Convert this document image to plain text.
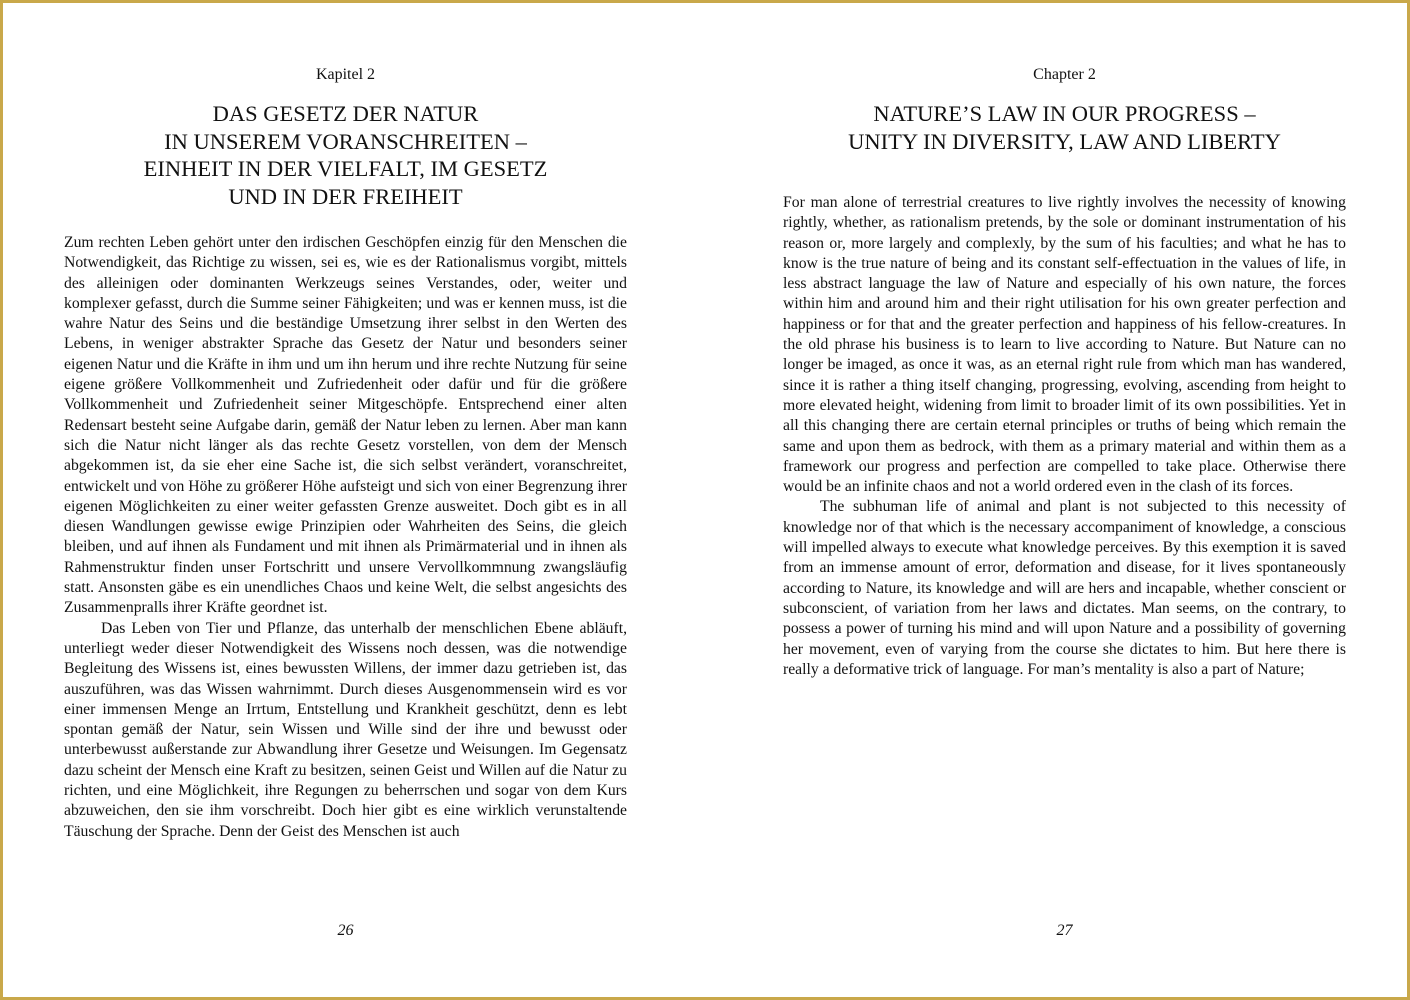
Kapitel 2
DAS GESETZ DER NATUR
IN UNSEREM VORANSCHREITEN –
EINHEIT IN DER VIELFALT, IM GESETZ
UND IN DER FREIHEIT

Zum rechten Leben gehört unter den irdischen Geschöpfen einzig für den Menschen die Notwendigkeit, das Richtige zu wissen, sei es, wie es der Rationalismus vorgibt, mittels des alleinigen oder dominanten Werkzeugs seines Verstandes, oder, weiter und komplexer gefasst, durch die Summe seiner Fähigkeiten; und was er kennen muss, ist die wahre Natur des Seins und die beständige Umsetzung ihrer selbst in den Werten des Lebens, in weniger abstrakter Sprache das Gesetz der Natur und besonders seiner eigenen Natur und die Kräfte in ihm und um ihn herum und ihre rechte Nutzung für seine eigene größere Vollkommenheit und Zufriedenheit oder dafür und für die größere Vollkommenheit und Zufriedenheit seiner Mitgeschöpfe. Entsprechend einer alten Redensart besteht seine Aufgabe darin, gemäß der Natur leben zu lernen. Aber man kann sich die Natur nicht länger als das rechte Gesetz vorstellen, von dem der Mensch abgekommen ist, da sie eher eine Sache ist, die sich selbst verändert, voranschreitet, entwickelt und von Höhe zu größerer Höhe aufsteigt und sich von einer Begrenzung ihrer eigenen Möglichkeiten zu einer weiter gefassten Grenze ausweitet. Doch gibt es in all diesen Wandlungen gewisse ewige Prinzipien oder Wahrheiten des Seins, die gleich bleiben, und auf ihnen als Fundament und mit ihnen als Primärmaterial und in ihnen als Rahmenstruktur finden unser Fortschritt und unsere Vervollkommnung zwangsläufig statt. Ansonsten gäbe es ein unendliches Chaos und keine Welt, die selbst angesichts des Zusammenpralls ihrer Kräfte geordnet ist.

Das Leben von Tier und Pflanze, das unterhalb der menschlichen Ebene abläuft, unterliegt weder dieser Notwendigkeit des Wissens noch dessen, was die notwendige Begleitung des Wissens ist, eines bewussten Willens, der immer dazu getrieben ist, das auszuführen, was das Wissen wahrnimmt. Durch dieses Ausgenommensein wird es vor einer immensen Menge an Irrtum, Entstellung und Krankheit geschützt, denn es lebt spontan gemäß der Natur, sein Wissen und Wille sind der ihre und bewusst oder unterbewusst außerstande zur Abwandlung ihrer Gesetze und Weisungen. Im Gegensatz dazu scheint der Mensch eine Kraft zu besitzen, seinen Geist und Willen auf die Natur zu richten, und eine Möglichkeit, ihre Regungen zu beherrschen und sogar von dem Kurs abzuweichen, den sie ihm vorschreibt. Doch hier gibt es eine wirklich verunstaltende Täuschung der Sprache. Denn der Geist des Menschen ist auch

26
Chapter 2
NATURE’S LAW IN OUR PROGRESS –
UNITY IN DIVERSITY, LAW AND LIBERTY

For man alone of terrestrial creatures to live rightly involves the necessity of knowing rightly, whether, as rationalism pretends, by the sole or dominant instrumentation of his reason or, more largely and complexly, by the sum of his faculties; and what he has to know is the true nature of being and its constant self-effectuation in the values of life, in less abstract language the law of Nature and especially of his own nature, the forces within him and around him and their right utilisation for his own greater perfection and happiness or for that and the greater perfection and happiness of his fellow-creatures. In the old phrase his business is to learn to live according to Nature. But Nature can no longer be imaged, as once it was, as an eternal right rule from which man has wandered, since it is rather a thing itself changing, progressing, evolving, ascending from height to more elevated height, widening from limit to broader limit of its own possibilities. Yet in all this changing there are certain eternal principles or truths of being which remain the same and upon them as bedrock, with them as a primary material and within them as a framework our progress and perfection are compelled to take place. Otherwise there would be an infinite chaos and not a world ordered even in the clash of its forces.

The subhuman life of animal and plant is not subjected to this necessity of knowledge nor of that which is the necessary accompaniment of knowledge, a conscious will impelled always to execute what knowledge perceives. By this exemption it is saved from an immense amount of error, deformation and disease, for it lives spontaneously according to Nature, its knowledge and will are hers and incapable, whether conscient or subconscient, of variation from her laws and dictates. Man seems, on the contrary, to possess a power of turning his mind and will upon Nature and a possibility of governing her movement, even of varying from the course she dictates to him. But here there is really a deformative trick of language. For man’s mentality is also a part of Nature;

27
